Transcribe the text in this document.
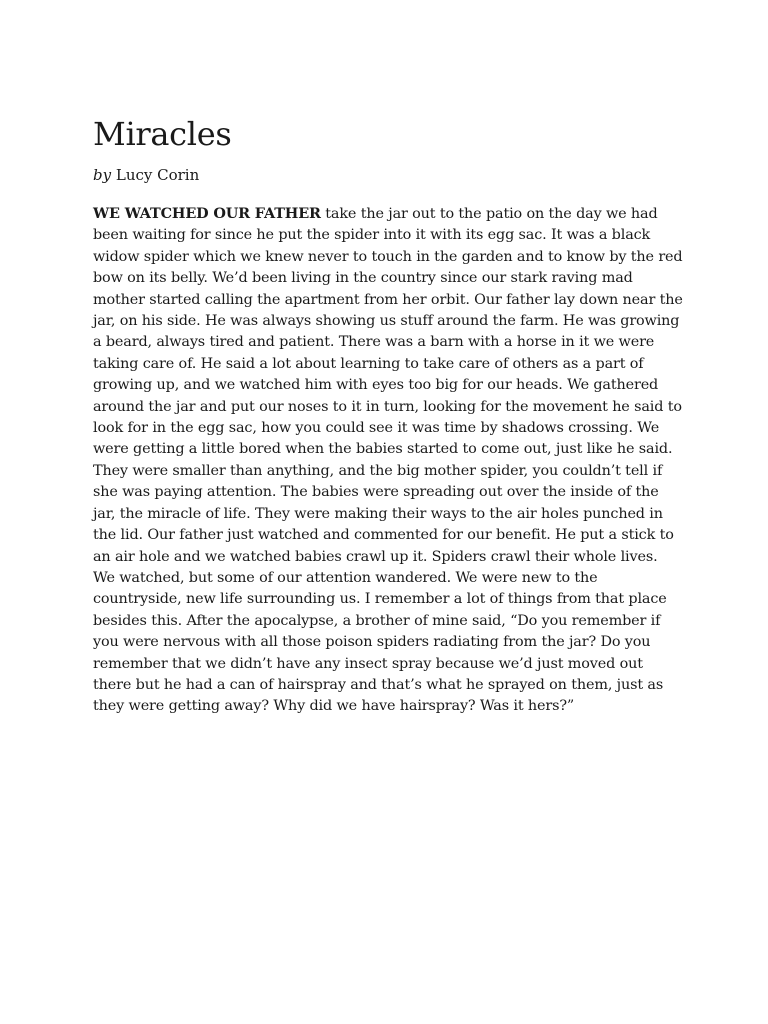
Miracles

by Lucy Corin

WE WATCHED OUR FATHER take the jar out to the patio on the day we had been waiting for since he put the spider into it with its egg sac. It was a black widow spider which we knew never to touch in the garden and to know by the red bow on its belly. We’d been living in the country since our stark raving mad mother started calling the apartment from her orbit. Our father lay down near the jar, on his side. He was always showing us stuff around the farm. He was growing a beard, always tired and patient. There was a barn with a horse in it we were taking care of. He said a lot about learning to take care of others as a part of growing up, and we watched him with eyes too big for our heads. We gathered around the jar and put our noses to it in turn, looking for the movement he said to look for in the egg sac, how you could see it was time by shadows crossing. We were getting a little bored when the babies started to come out, just like he said. They were smaller than anything, and the big mother spider, you couldn’t tell if she was paying attention. The babies were spreading out over the inside of the jar, the miracle of life. They were making their ways to the air holes punched in the lid. Our father just watched and commented for our benefit. He put a stick to an air hole and we watched babies crawl up it. Spiders crawl their whole lives. We watched, but some of our attention wandered. We were new to the countryside, new life surrounding us. I remember a lot of things from that place besides this. After the apocalypse, a brother of mine said, “Do you remember if you were nervous with all those poison spiders radiating from the jar? Do you remember that we didn’t have any insect spray because we’d just moved out there but he had a can of hairspray and that’s what he sprayed on them, just as they were getting away? Why did we have hairspray? Was it hers?”
